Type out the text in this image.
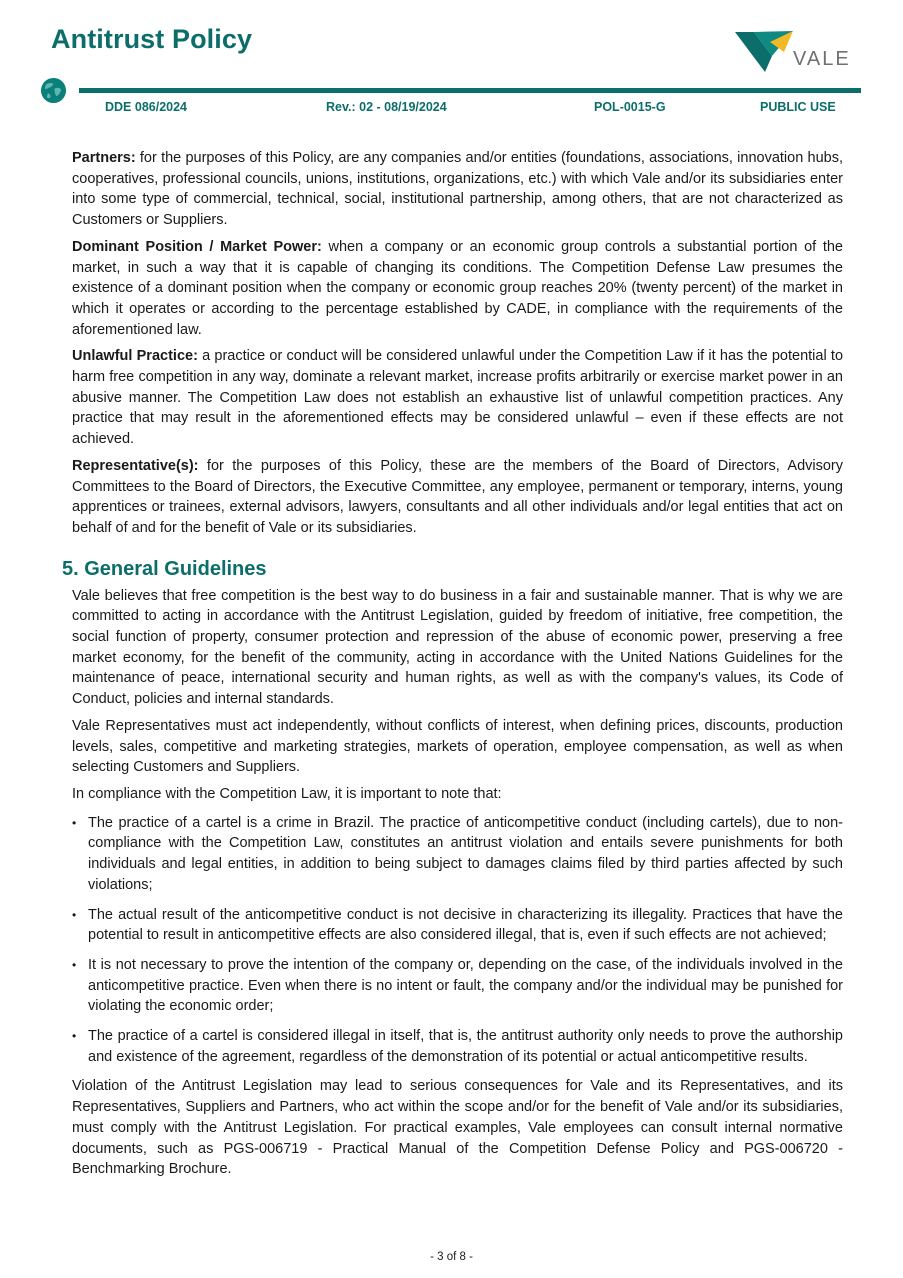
Antitrust Policy
VALE
DDE 086/2024	Rev.: 02 - 08/19/2024	POL-0015-G	PUBLIC USE

Partners: for the purposes of this Policy, are any companies and/or entities (foundations, associations, innovation hubs, cooperatives, professional councils, unions, institutions, organizations, etc.) with which Vale and/or its subsidiaries enter into some type of commercial, technical, social, institutional partnership, among others, that are not characterized as Customers or Suppliers.

Dominant Position / Market Power: when a company or an economic group controls a substantial portion of the market, in such a way that it is capable of changing its conditions. The Competition Defense Law presumes the existence of a dominant position when the company or economic group reaches 20% (twenty percent) of the market in which it operates or according to the percentage established by CADE, in compliance with the requirements of the aforementioned law.

Unlawful Practice: a practice or conduct will be considered unlawful under the Competition Law if it has the potential to harm free competition in any way, dominate a relevant market, increase profits arbitrarily or exercise market power in an abusive manner. The Competition Law does not establish an exhaustive list of unlawful competition practices. Any practice that may result in the aforementioned effects may be considered unlawful – even if these effects are not achieved.

Representative(s): for the purposes of this Policy, these are the members of the Board of Directors, Advisory Committees to the Board of Directors, the Executive Committee, any employee, permanent or temporary, interns, young apprentices or trainees, external advisors, lawyers, consultants and all other individuals and/or legal entities that act on behalf of and for the benefit of Vale or its subsidiaries.

5. General Guidelines

Vale believes that free competition is the best way to do business in a fair and sustainable manner. That is why we are committed to acting in accordance with the Antitrust Legislation, guided by freedom of initiative, free competition, the social function of property, consumer protection and repression of the abuse of economic power, preserving a free market economy, for the benefit of the community, acting in accordance with the United Nations Guidelines for the maintenance of peace, international security and human rights, as well as with the company's values, its Code of Conduct, policies and internal standards.

Vale Representatives must act independently, without conflicts of interest, when defining prices, discounts, production levels, sales, competitive and marketing strategies, markets of operation, employee compensation, as well as when selecting Customers and Suppliers.

In compliance with the Competition Law, it is important to note that:

• The practice of a cartel is a crime in Brazil. The practice of anticompetitive conduct (including cartels), due to non-compliance with the Competition Law, constitutes an antitrust violation and entails severe punishments for both individuals and legal entities, in addition to being subject to damages claims filed by third parties affected by such violations;
• The actual result of the anticompetitive conduct is not decisive in characterizing its illegality. Practices that have the potential to result in anticompetitive effects are also considered illegal, that is, even if such effects are not achieved;
• It is not necessary to prove the intention of the company or, depending on the case, of the individuals involved in the anticompetitive practice. Even when there is no intent or fault, the company and/or the individual may be punished for violating the economic order;
• The practice of a cartel is considered illegal in itself, that is, the antitrust authority only needs to prove the authorship and existence of the agreement, regardless of the demonstration of its potential or actual anticompetitive results.

Violation of the Antitrust Legislation may lead to serious consequences for Vale and its Representatives, and its Representatives, Suppliers and Partners, who act within the scope and/or for the benefit of Vale and/or its subsidiaries, must comply with the Antitrust Legislation. For practical examples, Vale employees can consult internal normative documents, such as PGS-006719 - Practical Manual of the Competition Defense Policy and PGS-006720 - Benchmarking Brochure.

- 3 of 8 -
